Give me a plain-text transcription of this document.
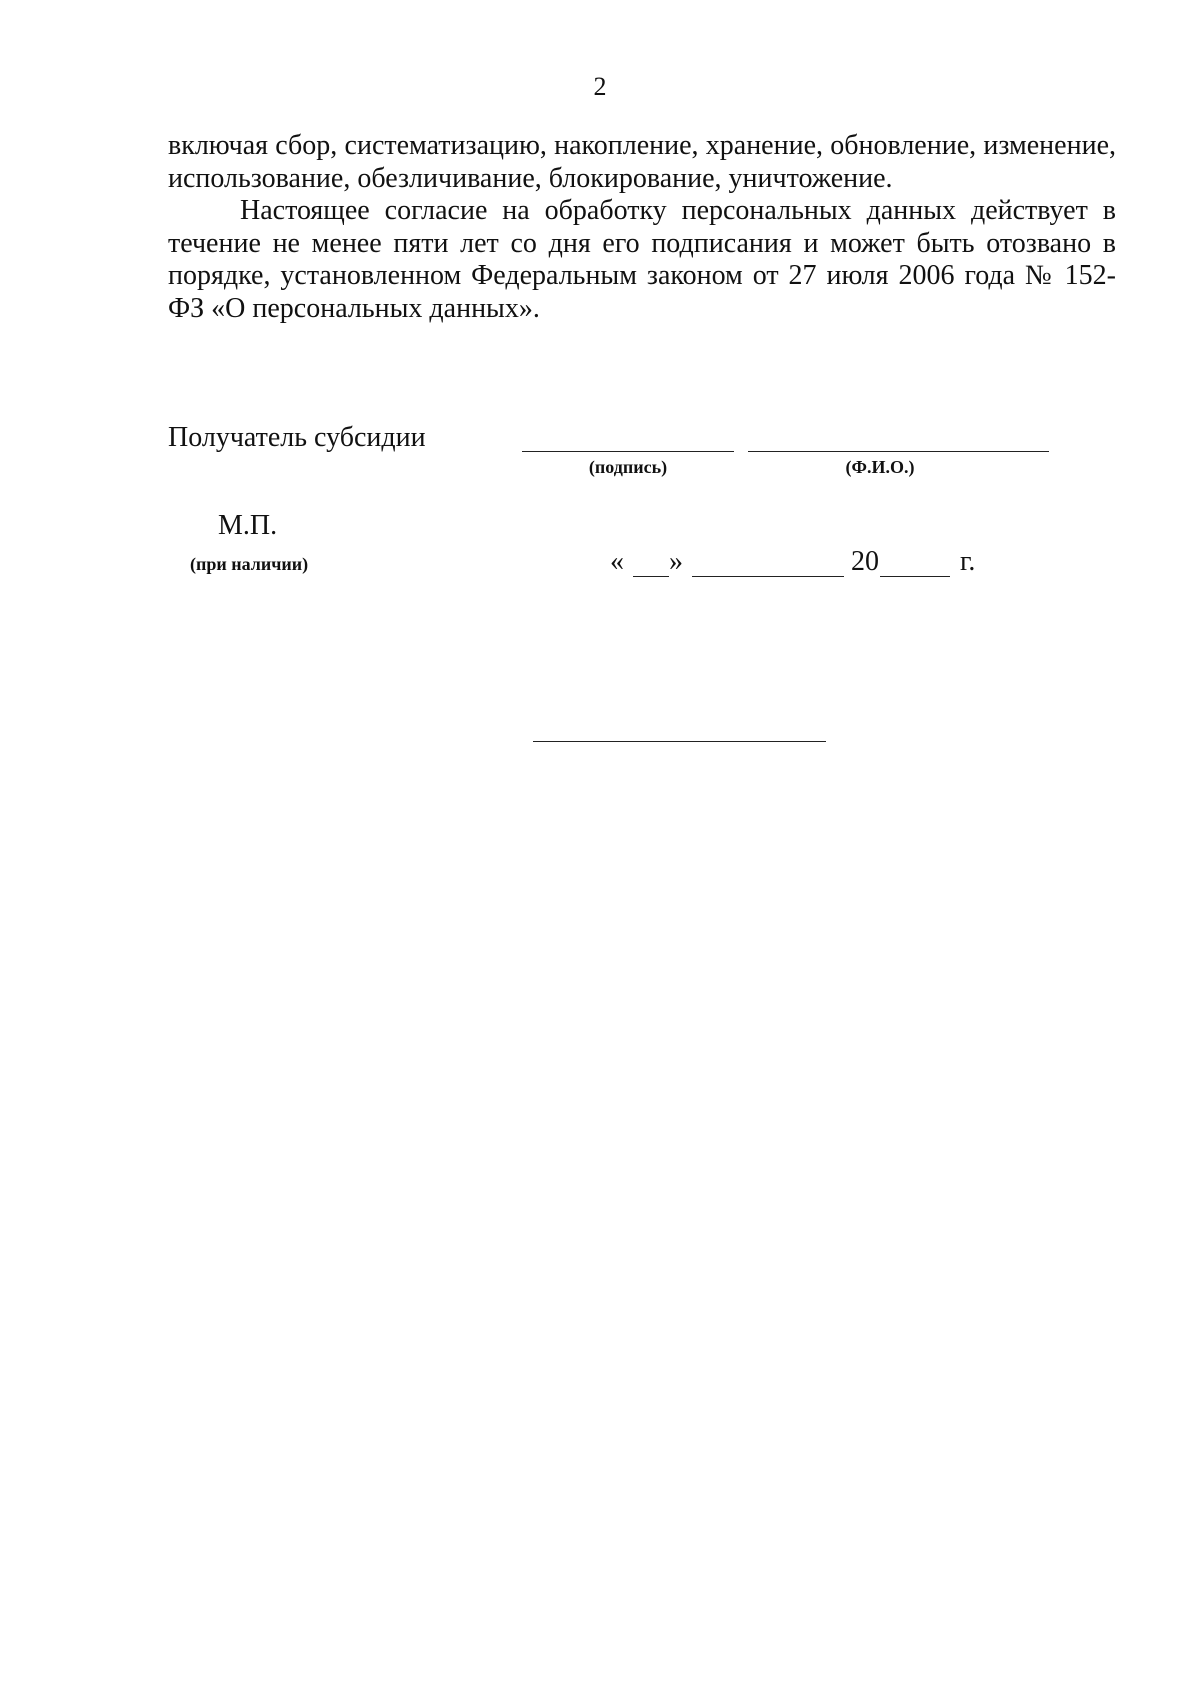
2

включая сбор, систематизацию, накопление, хранение, обновление, изменение, использование, обезличивание, блокирование, уничтожение.

Настоящее согласие на обработку персональных данных действует в течение не менее пяти лет со дня его подписания и может быть отозвано в порядке, установленном Федеральным законом от 27 июля 2006 года № 152-ФЗ «О персональных данных».

Получатель субсидии
(подпись)	(Ф.И.О.)
М.П.
(при наличии)	« »	20	г.
